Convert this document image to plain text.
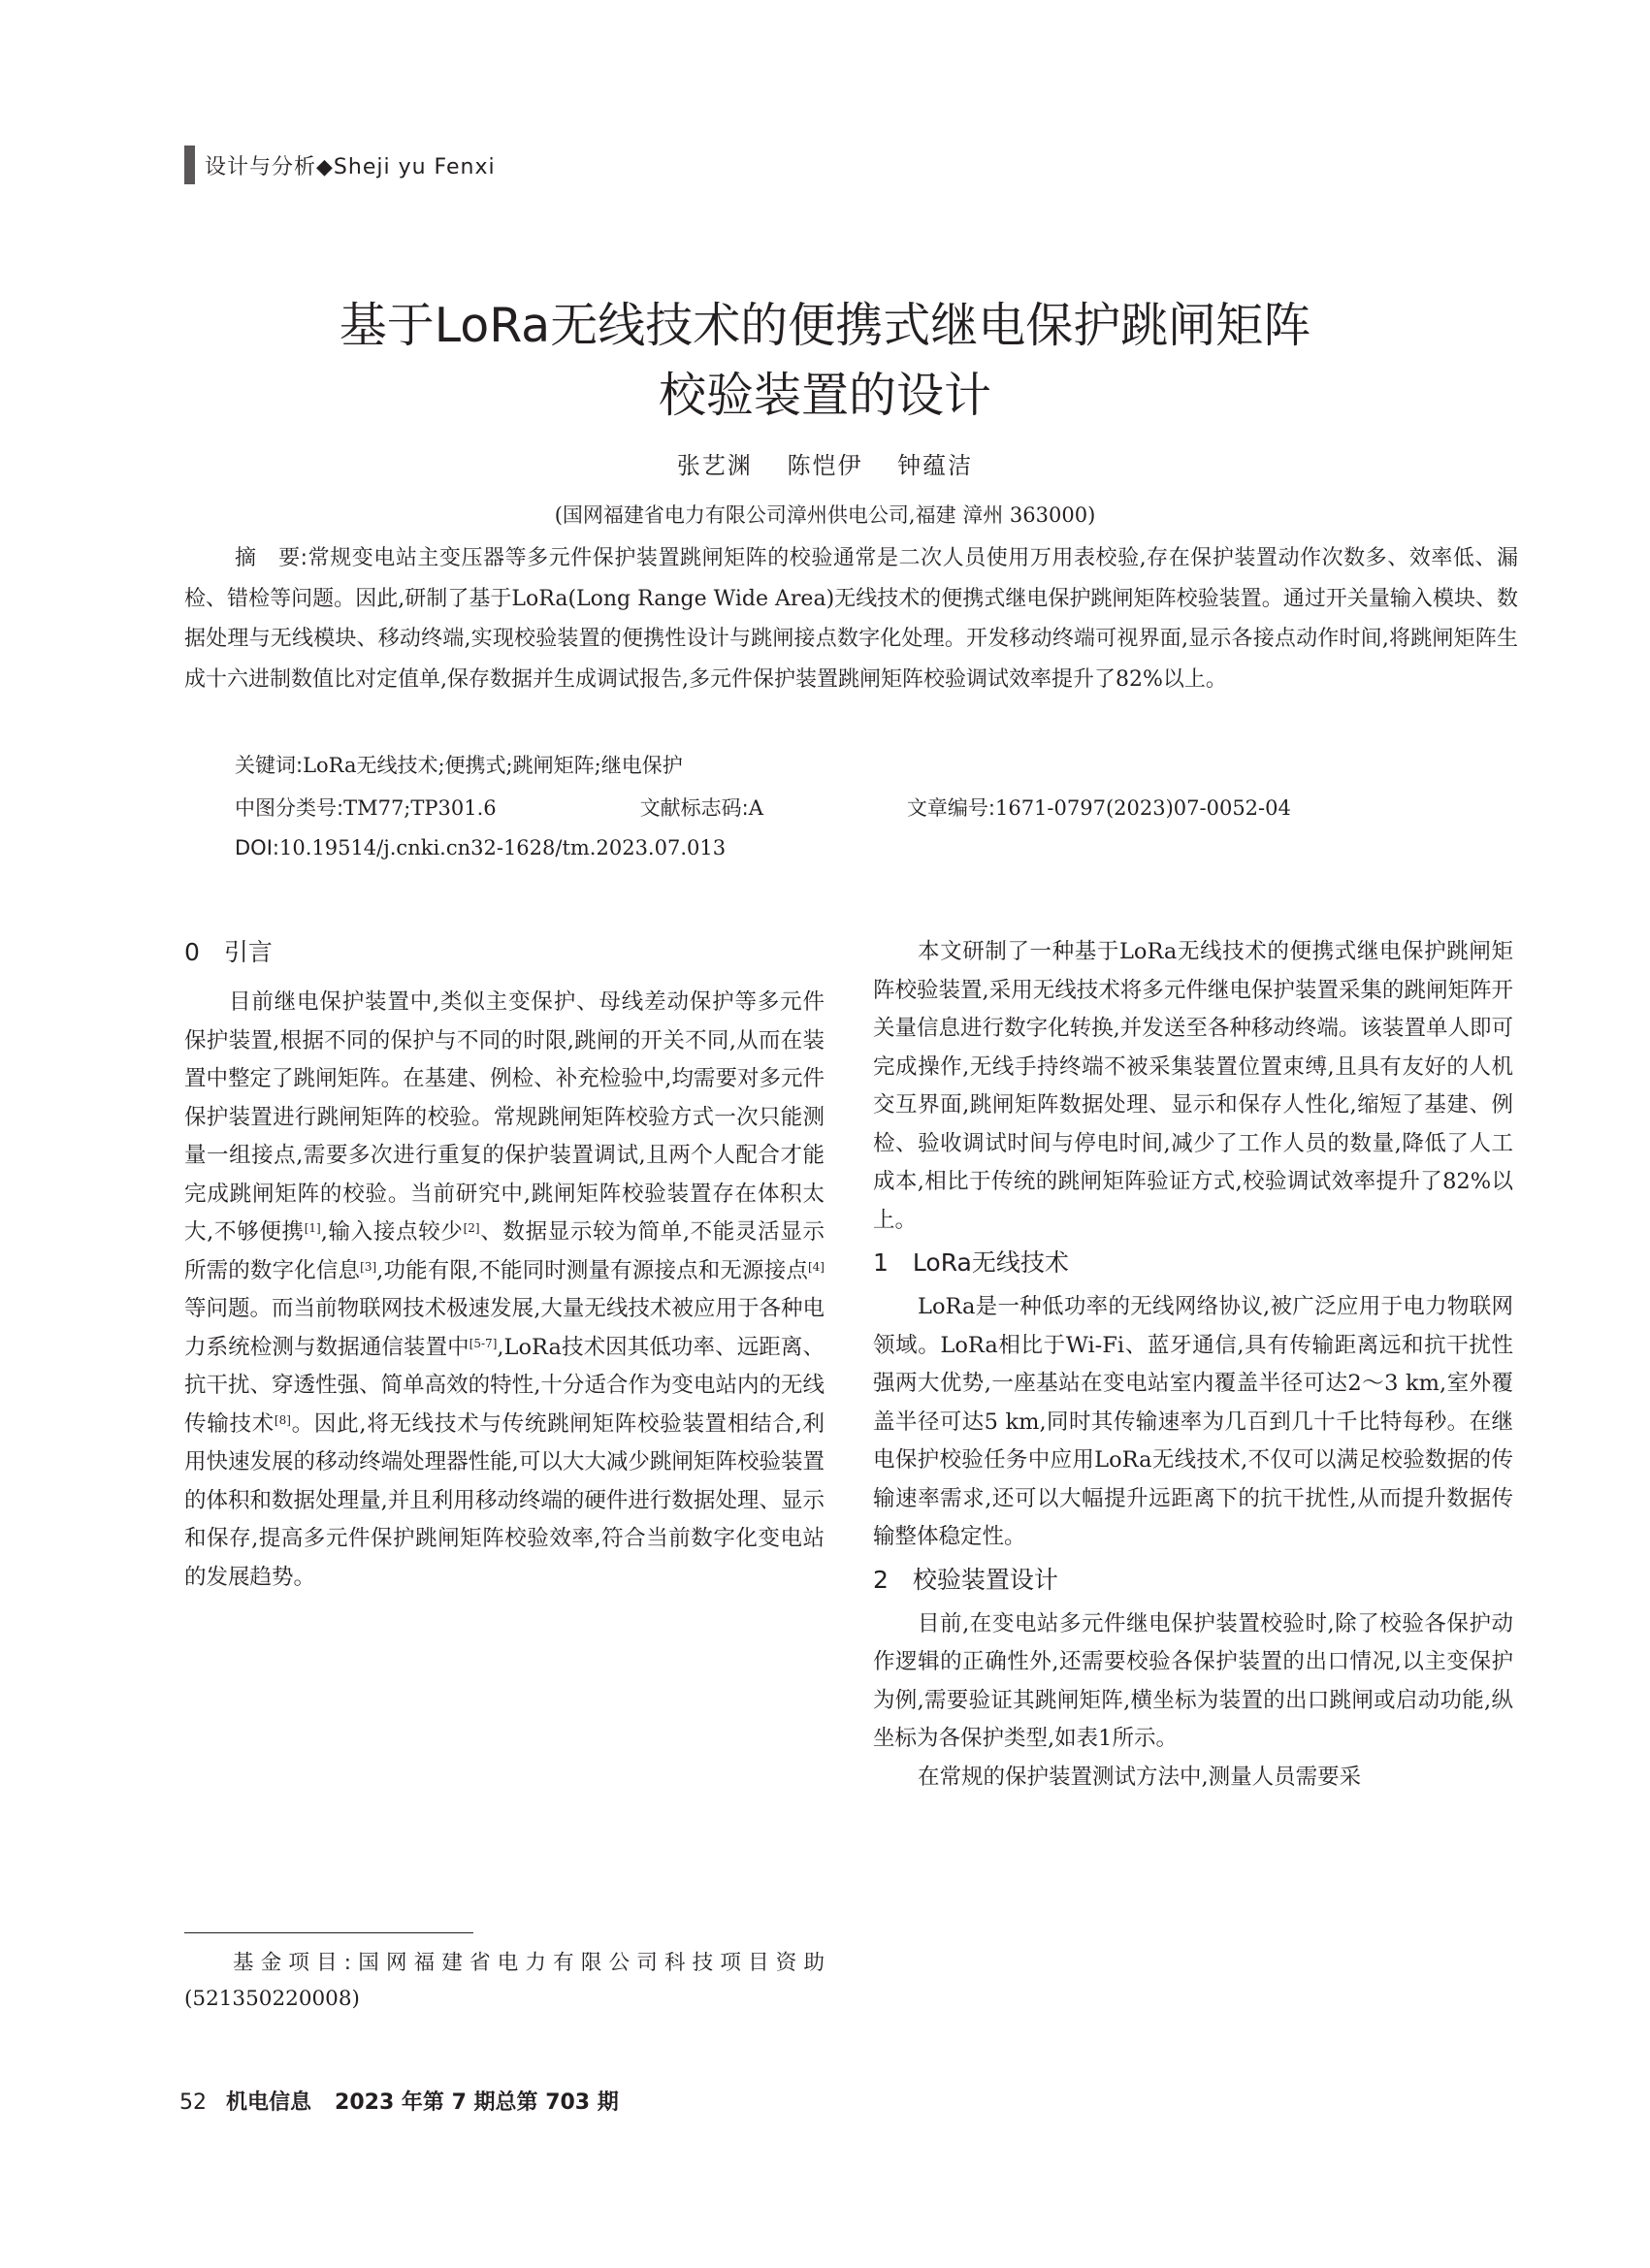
设计与分析◆Sheji yu Fenxi
基于LoRa无线技术的便携式继电保护跳闸矩阵
校验装置的设计
张艺渊 陈恺伊 钟蕴洁
(国网福建省电力有限公司漳州供电公司,福建 漳州 363000)
摘　要:常规变电站主变压器等多元件保护装置跳闸矩阵的校验通常是二次人员使用万用表校验,存在保护装置动作次数多、效率低、漏检、错检等问题。因此,研制了基于LoRa(Long Range Wide Area)无线技术的便携式继电保护跳闸矩阵校验装置。通过开关量输入模块、数据处理与无线模块、移动终端,实现校验装置的便携性设计与跳闸接点数字化处理。开发移动终端可视界面,显示各接点动作时间,将跳闸矩阵生成十六进制数值比对定值单,保存数据并生成调试报告,多元件保护装置跳闸矩阵校验调试效率提升了82%以上。
关键词:LoRa无线技术;便携式;跳闸矩阵;继电保护
中图分类号:TM77;TP301.6	文献标志码:A	文章编号:1671-0797(2023)07-0052-04
DOI:10.19514/j.cnki.cn32-1628/tm.2023.07.013
0　引言

目前继电保护装置中,类似主变保护、母线差动保护等多元件保护装置,根据不同的保护与不同的时限,跳闸的开关不同,从而在装置中整定了跳闸矩阵。在基建、例检、补充检验中,均需要对多元件保护装置进行跳闸矩阵的校验。常规跳闸矩阵校验方式一次只能测量一组接点,需要多次进行重复的保护装置调试,且两个人配合才能完成跳闸矩阵的校验。当前研究中,跳闸矩阵校验装置存在体积太大,不够便携[1],输入接点较少[2]、数据显示较为简单,不能灵活显示所需的数字化信息[3],功能有限,不能同时测量有源接点和无源接点[4]等问题。而当前物联网技术极速发展,大量无线技术被应用于各种电力系统检测与数据通信装置中[5-7],LoRa技术因其低功率、远距离、抗干扰、穿透性强、简单高效的特性,十分适合作为变电站内的无线传输技术[8]。因此,将无线技术与传统跳闸矩阵校验装置相结合,利用快速发展的移动终端处理器性能,可以大大减少跳闸矩阵校验装置的体积和数据处理量,并且利用移动终端的硬件进行数据处理、显示和保存,提高多元件保护跳闸矩阵校验效率,符合当前数字化变电站的发展趋势。

本文研制了一种基于LoRa无线技术的便携式继电保护跳闸矩阵校验装置,采用无线技术将多元件继电保护装置采集的跳闸矩阵开关量信息进行数字化转换,并发送至各种移动终端。该装置单人即可完成操作,无线手持终端不被采集装置位置束缚,且具有友好的人机交互界面,跳闸矩阵数据处理、显示和保存人性化,缩短了基建、例检、验收调试时间与停电时间,减少了工作人员的数量,降低了人工成本,相比于传统的跳闸矩阵验证方式,校验调试效率提升了82%以上。

1　LoRa无线技术

LoRa是一种低功率的无线网络协议,被广泛应用于电力物联网领域。LoRa相比于Wi-Fi、蓝牙通信,具有传输距离远和抗干扰性强两大优势,一座基站在变电站室内覆盖半径可达2～3 km,室外覆盖半径可达5 km,同时其传输速率为几百到几十千比特每秒。在继电保护校验任务中应用LoRa无线技术,不仅可以满足校验数据的传输速率需求,还可以大幅提升远距离下的抗干扰性,从而提升数据传输整体稳定性。

2　校验装置设计

目前,在变电站多元件继电保护装置校验时,除了校验各保护动作逻辑的正确性外,还需要校验各保护装置的出口情况,以主变保护为例,需要验证其跳闸矩阵,横坐标为装置的出口跳闸或启动功能,纵坐标为各保护类型,如表1所示。

在常规的保护装置测试方法中,测量人员需要采

基金项目:国网福建省电力有限公司科技项目资助(521350220008)
52 机电信息 2023 年第 7 期总第 703 期
